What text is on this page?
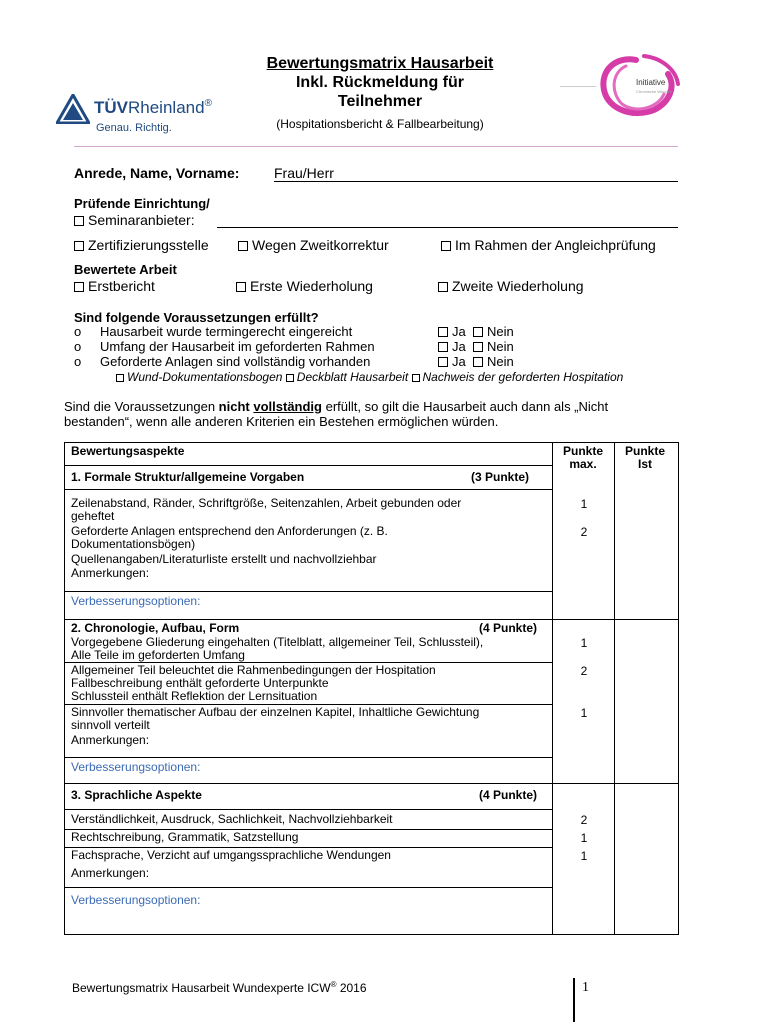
TÜVRheinland®
Genau. Richtig.
Bewertungsmatrix Hausarbeit
Inkl. Rückmeldung für
Teilnehmer
(Hospitationsbericht & Fallbearbeitung)
Initiative
Chronische Wunden
Anrede, Name, Vorname: Frau/Herr
Prüfende Einrichtung/
Seminaranbieter:
Zertifizierungsstelle	Wegen Zweitkorrektur	Im Rahmen der Angleichprüfung
Bewertete Arbeit
Erstbericht	Erste Wiederholung	Zweite Wiederholung
Sind folgende Voraussetzungen erfüllt?
o Hausarbeit wurde termingerecht eingereicht	Ja Nein
o Umfang der Hausarbeit im geforderten Rahmen	Ja Nein
o Geforderte Anlagen sind vollständig vorhanden	Ja Nein
Wund-Dokumentationsbogen Deckblatt Hausarbeit Nachweis der geforderten Hospitation
Sind die Voraussetzungen nicht vollständig erfüllt, so gilt die Hausarbeit auch dann als „Nicht
bestanden“, wenn alle anderen Kriterien ein Bestehen ermöglichen würden.
Bewertungsaspekte	Punkte
max.
Punkte
Ist
1. Formale Struktur/allgemeine Vorgaben	(3 Punkte)
Zeilenabstand, Ränder, Schriftgröße, Seitenzahlen, Arbeit gebunden oder
geheftet
1
Geforderte Anlagen entsprechend den Anforderungen (z. B.
Dokumentationsbögen)
2
Quellenangaben/Literaturliste erstellt und nachvollziehbar
Anmerkungen:
Verbesserungsoptionen:
2. Chronologie, Aufbau, Form	(4 Punkte)
Vorgegebene Gliederung eingehalten (Titelblatt, allgemeiner Teil, Schlussteil),
Alle Teile im geforderten Umfang
1
Allgemeiner Teil beleuchtet die Rahmenbedingungen der Hospitation
Fallbeschreibung enthält geforderte Unterpunkte
Schlussteil enthält Reflektion der Lernsituation
2
Sinnvoller thematischer Aufbau der einzelnen Kapitel, Inhaltliche Gewichtung
sinnvoll verteilt
1
Anmerkungen:
Verbesserungsoptionen:
3. Sprachliche Aspekte	(4 Punkte)
Verständlichkeit, Ausdruck, Sachlichkeit, Nachvollziehbarkeit	2
Rechtschreibung, Grammatik, Satzstellung	1
Fachsprache, Verzicht auf umgangssprachliche Wendungen	1
Anmerkungen:
Verbesserungsoptionen:
Bewertungsmatrix Hausarbeit Wundexperte ICW® 2016	1
